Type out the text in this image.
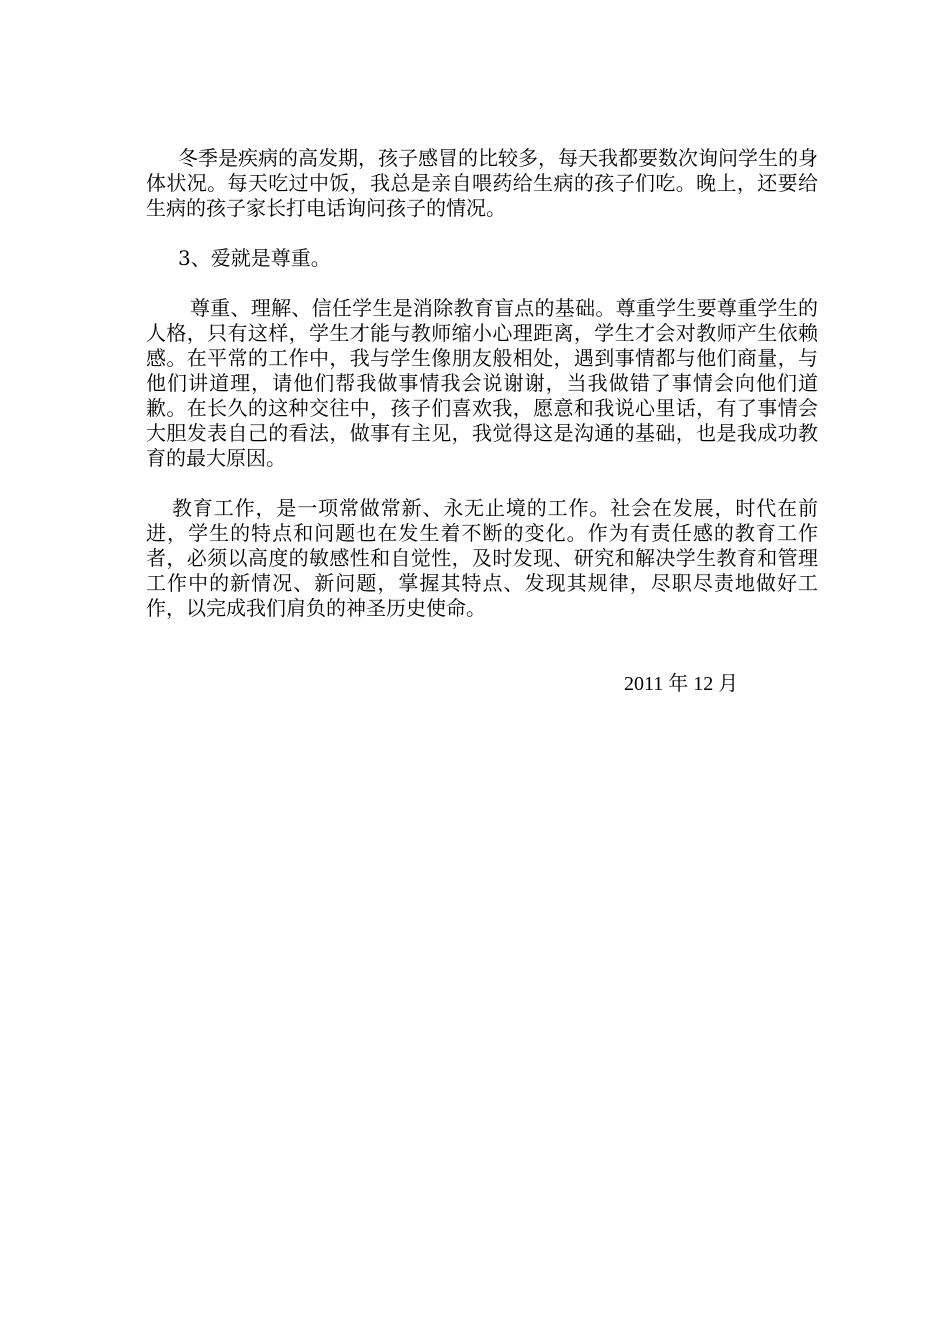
冬季是疾病的高发期，孩子感冒的比较多，每天我都要数次询问学生的身体状况。每天吃过中饭，我总是亲自喂药给生病的孩子们吃。晚上，还要给生病的孩子家长打电话询问孩子的情况。

3、爱就是尊重。

尊重、理解、信任学生是消除教育盲点的基础。尊重学生要尊重学生的人格，只有这样，学生才能与教师缩小心理距离，学生才会对教师产生依赖感。在平常的工作中，我与学生像朋友般相处，遇到事情都与他们商量，与他们讲道理，请他们帮我做事情我会说谢谢，当我做错了事情会向他们道歉。在长久的这种交往中，孩子们喜欢我，愿意和我说心里话，有了事情会大胆发表自己的看法，做事有主见，我觉得这是沟通的基础，也是我成功教育的最大原因。

教育工作，是一项常做常新、永无止境的工作。社会在发展，时代在前进，学生的特点和问题也在发生着不断的变化。作为有责任感的教育工作者，必须以高度的敏感性和自觉性，及时发现、研究和解决学生教育和管理工作中的新情况、新问题，掌握其特点、发现其规律，尽职尽责地做好工作，以完成我们肩负的神圣历史使命。

2011 年 12 月
